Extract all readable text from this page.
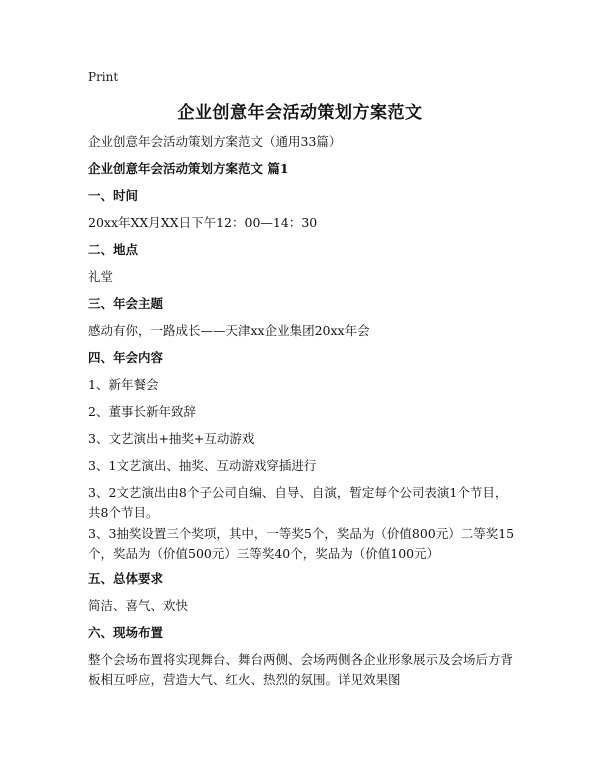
Print
企业创意年会活动策划方案范文
企业创意年会活动策划方案范文（通用33篇）
企业创意年会活动策划方案范文 篇1
一、时间
20xx年XX月XX日下午12：00—14：30
二、地点
礼堂
三、年会主题
感动有你，一路成长——天津xx企业集团20xx年会
四、年会内容
1、新年餐会
2、董事长新年致辞
3、文艺演出+抽奖+互动游戏
3、1文艺演出、抽奖、互动游戏穿插进行
3、2文艺演出由8个子公司自编、自导、自演，暂定每个公司表演1个节目，共8个节目。
3、3抽奖设置三个奖项，其中，一等奖5个，奖品为（价值800元）二等奖15个，奖品为（价值500元）三等奖40个，奖品为（价值100元）
五、总体要求
简洁、喜气、欢快
六、现场布置
整个会场布置将实现舞台、舞台两侧、会场两侧各企业形象展示及会场后方背板相互呼应，营造大气、红火、热烈的氛围。详见效果图
